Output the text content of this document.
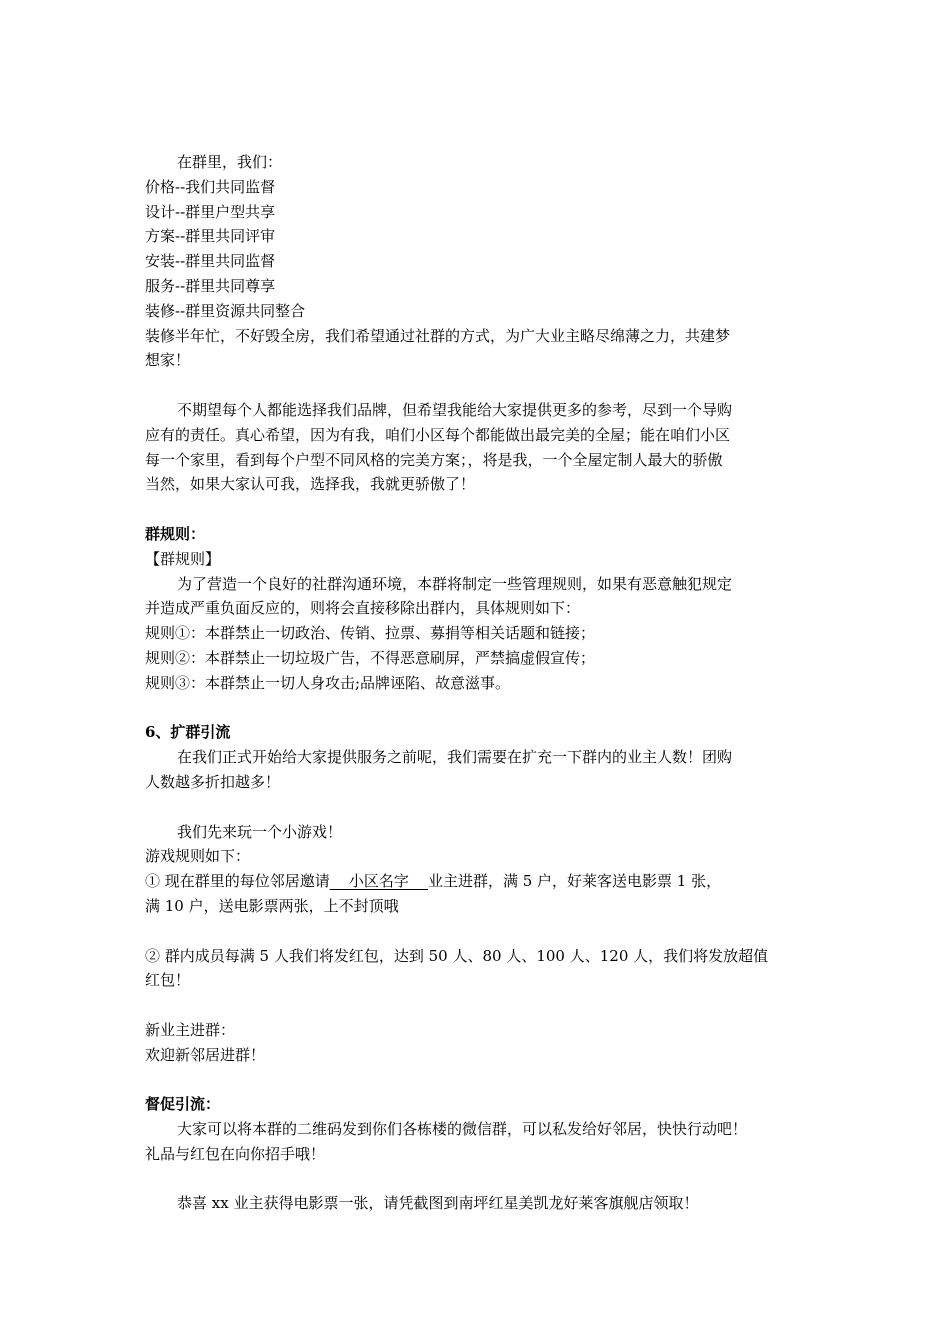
在群里，我们：
价格--我们共同监督
设计--群里户型共享
方案--群里共同评审
安装--群里共同监督
服务--群里共同尊享
装修--群里资源共同整合
装修半年忙，不好毁全房，我们希望通过社群的方式，为广大业主略尽绵薄之力，共建梦
想家！
不期望每个人都能选择我们品牌，但希望我能给大家提供更多的参考，尽到一个导购
应有的责任。真心希望，因为有我，咱们小区每个都能做出最完美的全屋；能在咱们小区
每一个家里，看到每个户型不同风格的完美方案；，将是我，一个全屋定制人最大的骄傲
当然，如果大家认可我，选择我，我就更骄傲了！
群规则：
【群规则】
为了营造一个良好的社群沟通环境，本群将制定一些管理规则，如果有恶意触犯规定
并造成严重负面反应的，则将会直接移除出群内，具体规则如下：
规则①：本群禁止一切政治、传销、拉票、募捐等相关话题和链接；
规则②：本群禁止一切垃圾广告，不得恶意刷屏，严禁搞虚假宣传；
规则③：本群禁止一切人身攻击;品牌诬陷、故意滋事。
6、扩群引流
在我们正式开始给大家提供服务之前呢，我们需要在扩充一下群内的业主人数！团购
人数越多折扣越多！
我们先来玩一个小游戏！
游戏规则如下：
① 现在群里的每位邻居邀请    小区名字    业主进群，满 5 户，好莱客送电影票 1 张，
满 10 户，送电影票两张，上不封顶哦
② 群内成员每满 5 人我们将发红包，达到 50 人、80 人、100 人、120 人，我们将发放超值
红包！
新业主进群：
欢迎新邻居进群！
督促引流：
大家可以将本群的二维码发到你们各栋楼的微信群，可以私发给好邻居，快快行动吧！
礼品与红包在向你招手哦！
恭喜 xx 业主获得电影票一张，请凭截图到南坪红星美凯龙好莱客旗舰店领取！
